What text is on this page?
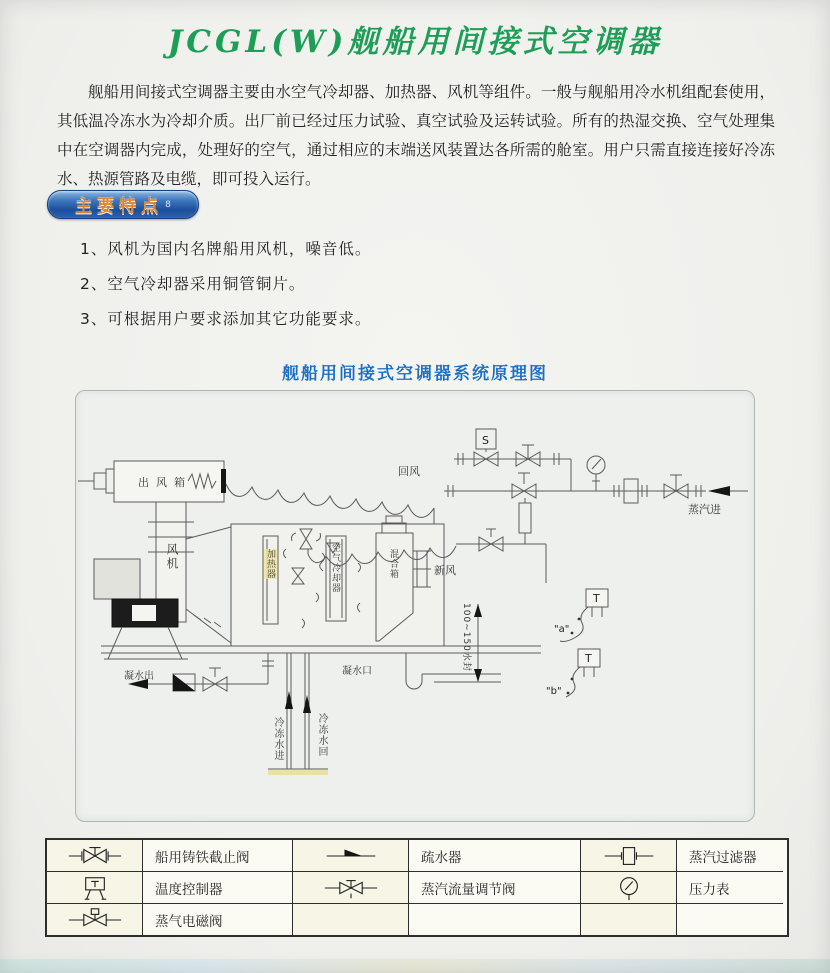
JCGL(W)舰船用间接式空调器
舰船用间接式空调器主要由水空气冷却器、加热器、风机等组件。一般与舰船用冷水机组配套使用，其低温冷冻水为冷却介质。出厂前已经过压力试验、真空试验及运转试验。所有的热湿交换、空气处理集中在空调器内完成，处理好的空气，通过相应的末端送风装置达各所需的舱室。用户只需直接连接好冷冻水、热源管路及电缆，即可投入运行。
主要特点 8
1、风机为国内名牌船用风机，噪音低。
2、空气冷却器采用铜管铜片。
3、可根据用户要求添加其它功能要求。
舰船用间接式空调器系统原理图
S
T
T
"a"
"b"
出风箱
风机	加热器	空气冷却器	混合箱	新风
回风
蒸汽进
凝水出	凝水口	100~150水封
冷冻水进	冷冻水回
船用铸铁截止阀	疏水器	蒸汽过滤器
温度控制器	蒸汽流量调节阀	压力表
蒸气电磁阀
